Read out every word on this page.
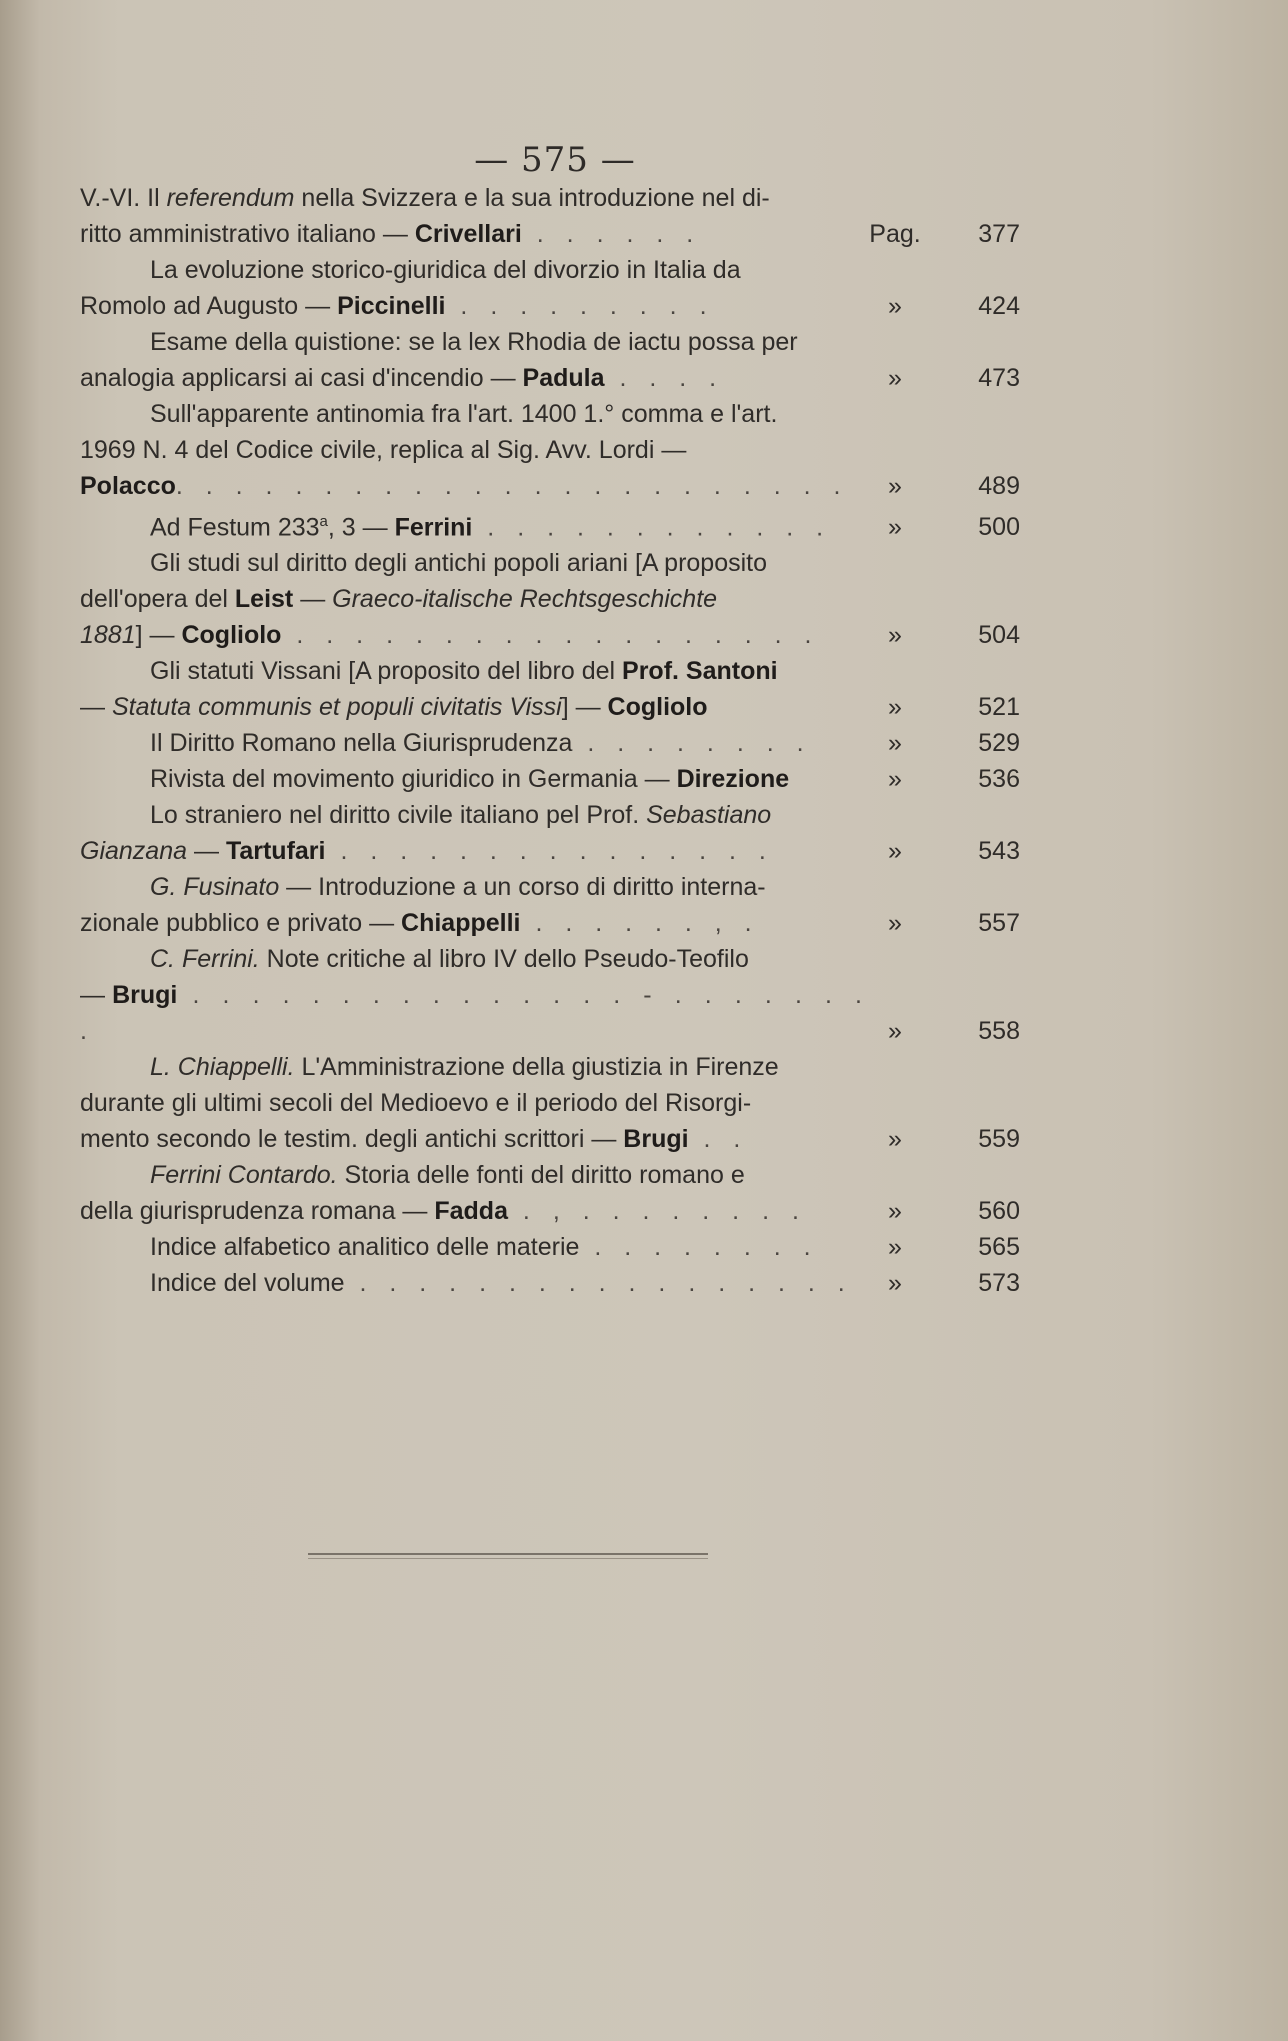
— 575 —
V.-VI. Il referendum nella Svizzera e la sua introduzione nel di-
ritto amministrativo italiano — Crivellari . . . . . .	Pag.	377
La evoluzione storico-giuridica del divorzio in Italia da
Romolo ad Augusto — Piccinelli . . . . . . . . .	»	424
Esame della quistione: se la lex Rhodia de iactu possa per
analogia applicarsi ai casi d'incendio — Padula . . . .	»	473
Sull'apparente antinomia fra l'art. 1400 1.° comma e l'art.
1969 N. 4 del Codice civile, replica al Sig. Avv. Lordi —
Polacco. . . . . . . . . . . . . . . . . . . . . . .	»	489
Ad Festum 233$^a$, 3 — Ferrini . . . . . . . . . . . .	»	500
Gli studi sul diritto degli antichi popoli ariani [A proposito
dell'opera del Leist — Graeco-italische Rechtsgeschichte
1881] — Cogliolo . . . . . . . . . . . . . . . . . .	»	504
Gli statuti Vissani [A proposito del libro del Prof. Santoni
— Statuta communis et populi civitatis Vissi] — Cogliolo	»	521
Il Diritto Romano nella Giurisprudenza . . . . . . . .	»	529
Rivista del movimento giuridico in Germania — Direzione	»	536
Lo straniero nel diritto civile italiano pel Prof. Sebastiano
Gianzana — Tartufari . . . . . . . . . . . . . . .	»	543
G. Fusinato — Introduzione a un corso di diritto interna-
zionale pubblico e privato — Chiappelli . . . . . . , .	»	557
C. Ferrini. Note critiche al libro IV dello Pseudo-Teofilo
— Brugi . . . . . . . . . . . . . . . - . . . . . . . .	»	558
L. Chiappelli. L'Amministrazione della giustizia in Firenze
durante gli ultimi secoli del Medioevo e il periodo del Risorgi-
mento secondo le testim. degli antichi scrittori — Brugi . .	»	559
Ferrini Contardo. Storia delle fonti del diritto romano e
della giurisprudenza romana — Fadda . , . . . . . . . .	»	560
Indice alfabetico analitico delle materie . . . . . . . .	»	565
Indice del volume . . . . . . . . . . . . . . . . .	»	573
